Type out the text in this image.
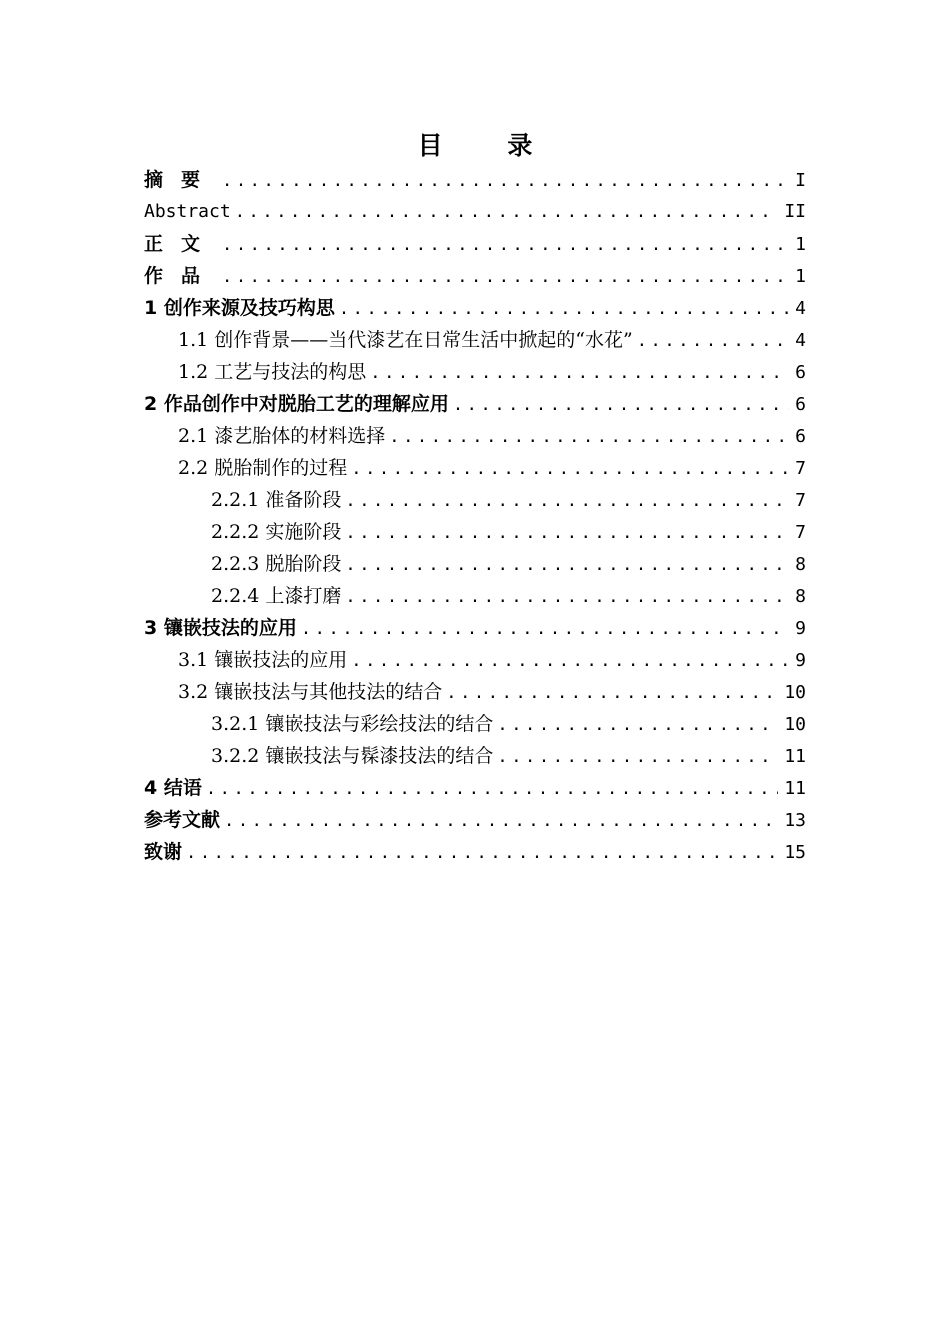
目 录
摘要 .....	I
Abstract .....	II
正文 .....	1
作品 .....	1
1 创作来源及技巧构思 .....	4
1.1 创作背景——当代漆艺在日常生活中掀起的“水花” .....	4
1.2 工艺与技法的构思 .....	6
2 作品创作中对脱胎工艺的理解应用 .....	6
2.1 漆艺胎体的材料选择 .....	6
2.2 脱胎制作的过程 .....	7
2.2.1 准备阶段 .....	7
2.2.2 实施阶段 .....	7
2.2.3 脱胎阶段 .....	8
2.2.4 上漆打磨 .....	8
3 镶嵌技法的应用 .....	9
3.1 镶嵌技法的应用 .....	9
3.2 镶嵌技法与其他技法的结合 .....	10
3.2.1 镶嵌技法与彩绘技法的结合 .....	10
3.2.2 镶嵌技法与髹漆技法的结合 .....	11
4 结语 .....	11
参考文献 .....	13
致谢 .....	15
